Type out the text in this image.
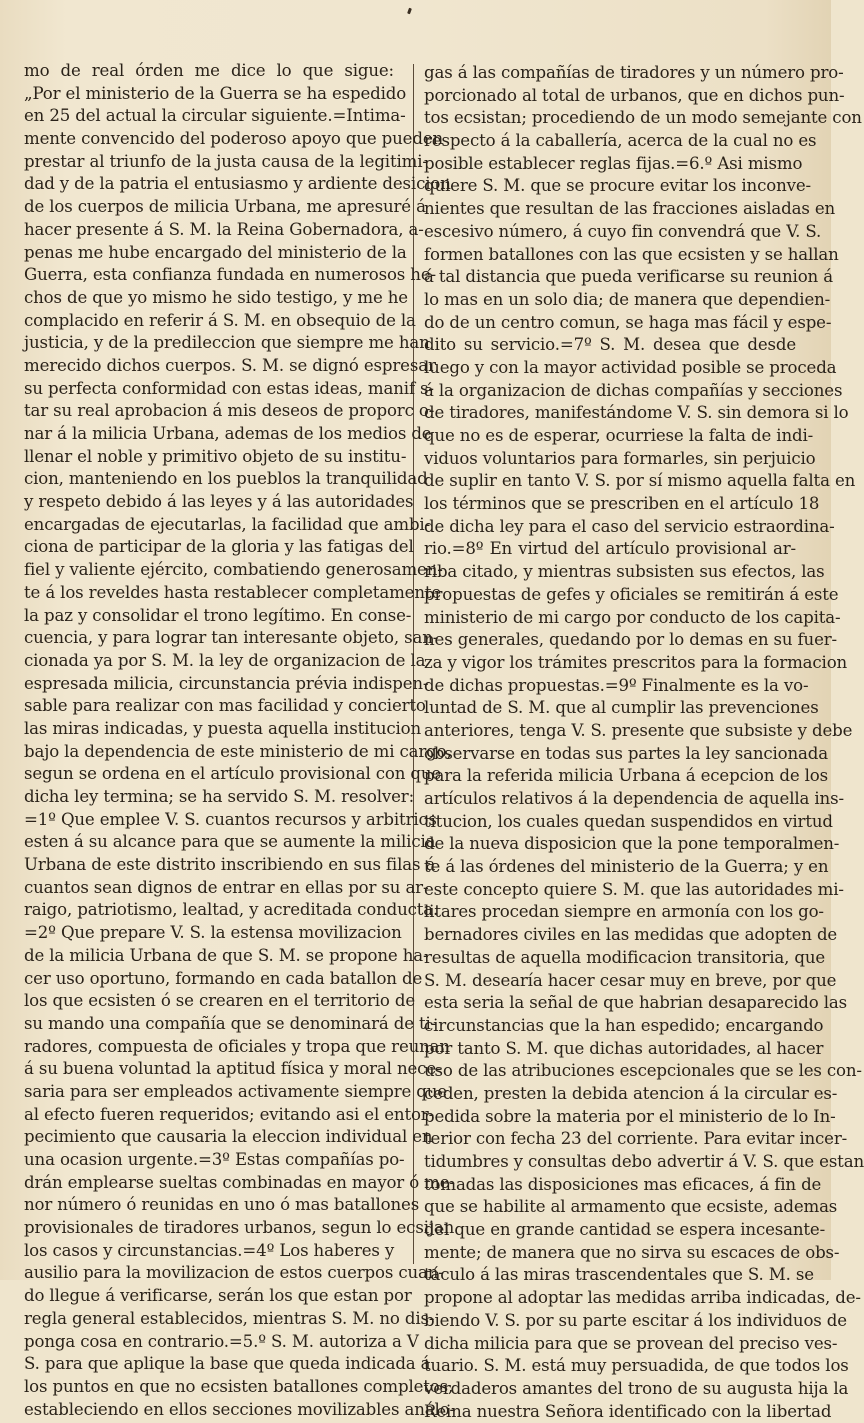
mo de real órden me dice lo que sigue:
„Por el ministerio de la Guerra se ha espedido
en 25 del actual la circular siguiente.=Intima-
mente convencido del poderoso apoyo que pueden
prestar al triunfo de la justa causa de la legitimi-
dad y de la patria el entusiasmo y ardiente desicion
de los cuerpos de milicia Urbana, me apresuré á
hacer presente á S. M. la Reina Gobernadora, a-
penas me hube encargado del ministerio de la
Guerra, esta confianza fundada en numerosos he-
chos de que yo mismo he sido testigo, y me he
complacido en referir á S. M. en obsequio de la
justicia, y de la predileccion que siempre me han
merecido dichos cuerpos. S. M. se dignó espresar
su perfecta conformidad con estas ideas, manif s-
tar su real aprobacion á mis deseos de proporc o-
nar á la milicia Urbana, ademas de los medios de
llenar el noble y primitivo objeto de su institu-
cion, manteniendo en los pueblos la tranquilidad
y respeto debido á las leyes y á las autoridades
encargadas de ejecutarlas, la facilidad que ambi-
ciona de participar de la gloria y las fatigas del
fiel y valiente ejército, combatiendo generosamen-
te á los reveldes hasta restablecer completamente
la paz y consolidar el trono legítimo. En conse-
cuencia, y para lograr tan interesante objeto, san-
cionada ya por S. M. la ley de organizacion de la
espresada milicia, circunstancia prévia indispen-
sable para realizar con mas facilidad y concierto
las miras indicadas, y puesta aquella institucion
bajo la dependencia de este ministerio de mi cargo,
segun se ordena en el artículo provisional con que
dicha ley termina; se ha servido S. M. resolver:
=1º Que emplee V. S. cuantos recursos y arbitrios
esten á su alcance para que se aumente la milicia
Urbana de este distrito inscribiendo en sus filas á
cuantos sean dignos de entrar en ellas por su ar-
raigo, patriotismo, lealtad, y acreditada conducta.
=2º Que prepare V. S. la estensa movilizacion
de la milicia Urbana de que S. M. se propone ha-
cer uso oportuno, formando en cada batallon de
los que ecsisten ó se crearen en el territorio de
su mando una compañía que se denominará de ti-
radores, compuesta de oficiales y tropa que reunan
á su buena voluntad la aptitud física y moral nece-
saria para ser empleados activamente siempre que
al efecto fueren requeridos; evitando asi el entor-
pecimiento que causaria la eleccion individual en
una ocasion urgente.=3º Estas compañías po-
drán emplearse sueltas combinadas en mayor ó me-
nor número ó reunidas en uno ó mas batallones
provisionales de tiradores urbanos, segun lo ecsijan
los casos y circunstancias.=4º Los haberes y
ausilio para la movilizacion de estos cuerpos cuan-
do llegue á verificarse, serán los que estan por
regla general establecidos, mientras S. M. no dis-
ponga cosa en contrario.=5.º S. M. autoriza a V
S. para que aplique la base que queda indicada á
los puntos en que no ecsisten batallones completos,
estableciendo en ellos secciones movilizables análo-
gas á las compañías de tiradores y un número pro-
porcionado al total de urbanos, que en dichos pun-
tos ecsistan; procediendo de un modo semejante con
respecto á la caballería, acerca de la cual no es
posible establecer reglas fijas.=6.º Asi mismo
quiere S. M. que se procure evitar los inconve-
nientes que resultan de las fracciones aisladas en
escesivo número, á cuyo fin convendrá que V. S.
formen batallones con las que ecsisten y se hallan
á tal distancia que pueda verificarse su reunion á
lo mas en un solo dia; de manera que dependien-
do de un centro comun, se haga mas fácil y espe-
dito su servicio.=7º S. M. desea que desde
luego y con la mayor actividad posible se proceda
á la organizacion de dichas compañías y secciones
de tiradores, manifestándome V. S. sin demora si lo
que no es de esperar, ocurriese la falta de indi-
viduos voluntarios para formarles, sin perjuicio
de suplir en tanto V. S. por sí mismo aquella falta en
los términos que se prescriben en el artículo 18
de dicha ley para el caso del servicio estraordina-
rio.=8º En virtud del artículo provisional ar-
riba citado, y mientras subsisten sus efectos, las
propuestas de gefes y oficiales se remitirán á este
ministerio de mi cargo por conducto de los capita-
nes generales, quedando por lo demas en su fuer-
za y vigor los trámites prescritos para la formacion
de dichas propuestas.=9º Finalmente es la vo-
luntad de S. M. que al cumplir las prevenciones
anteriores, tenga V. S. presente que subsiste y debe
observarse en todas sus partes la ley sancionada
para la referida milicia Urbana á ecepcion de los
artículos relativos á la dependencia de aquella ins-
titucion, los cuales quedan suspendidos en virtud
de la nueva disposicion que la pone temporalmen-
te á las órdenes del ministerio de la Guerra; y en
este concepto quiere S. M. que las autoridades mi-
litares procedan siempre en armonía con los go-
bernadores civiles en las medidas que adopten de
resultas de aquella modificacion transitoria, que
S. M. desearía hacer cesar muy en breve, por que
esta seria la señal de que habrian desaparecido las
circunstancias que la han espedido; encargando
por tanto S. M. que dichas autoridades, al hacer
uso de las atribuciones escepcionales que se les con-
ceden, presten la debida atencion á la circular es-
pedida sobre la materia por el ministerio de lo In-
terior con fecha 23 del corriente. Para evitar incer-
tidumbres y consultas debo advertir á V. S. que estan
tomadas las disposiciones mas eficaces, á fin de
que se habilite al armamento que ecsiste, ademas
del que en grande cantidad se espera incesante-
mente; de manera que no sirva su escaces de obs-
táculo á las miras trascendentales que S. M. se
propone al adoptar las medidas arriba indicadas, de-
biendo V. S. por su parte escitar á los individuos de
dicha milicia para que se provean del preciso ves-
tuario. S. M. está muy persuadida, de que todos los
verdaderos amantes del trono de su augusta hija la
Reina nuestra Señora identificado con la libertad
